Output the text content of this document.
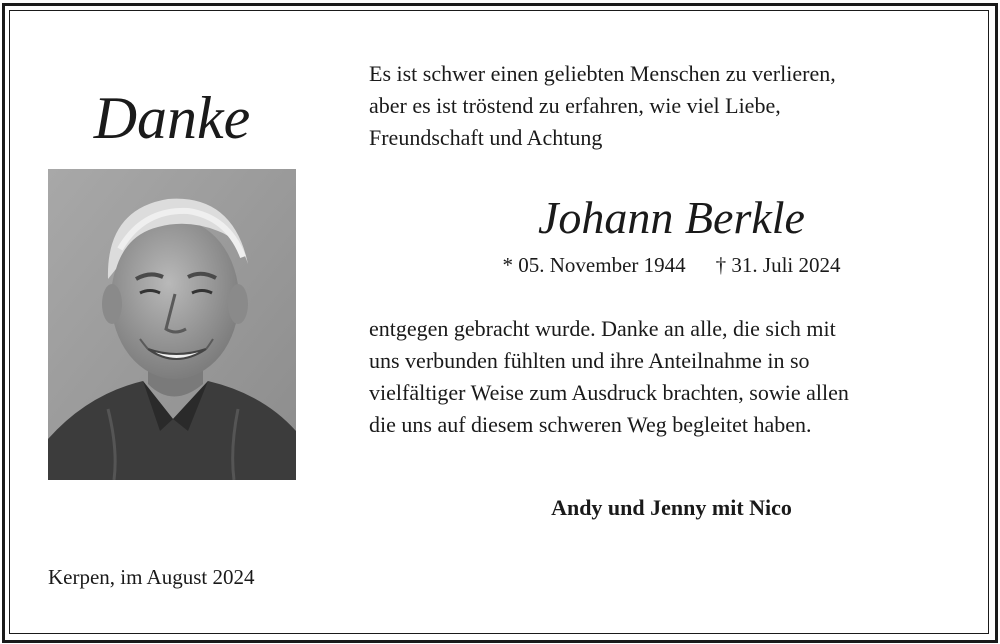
Danke
Kerpen, im August 2024
Es ist schwer einen geliebten Menschen zu verlieren,
aber es ist tröstend zu erfahren, wie viel Liebe,
Freundschaft und Achtung
Johann Berkle
* 05. November 1944 † 31. Juli 2024
entgegen gebracht wurde. Danke an alle, die sich mit
uns verbunden fühlten und ihre Anteilnahme in so
vielfältiger Weise zum Ausdruck brachten, sowie allen
die uns auf diesem schweren Weg begleitet haben.
Andy und Jenny mit Nico
